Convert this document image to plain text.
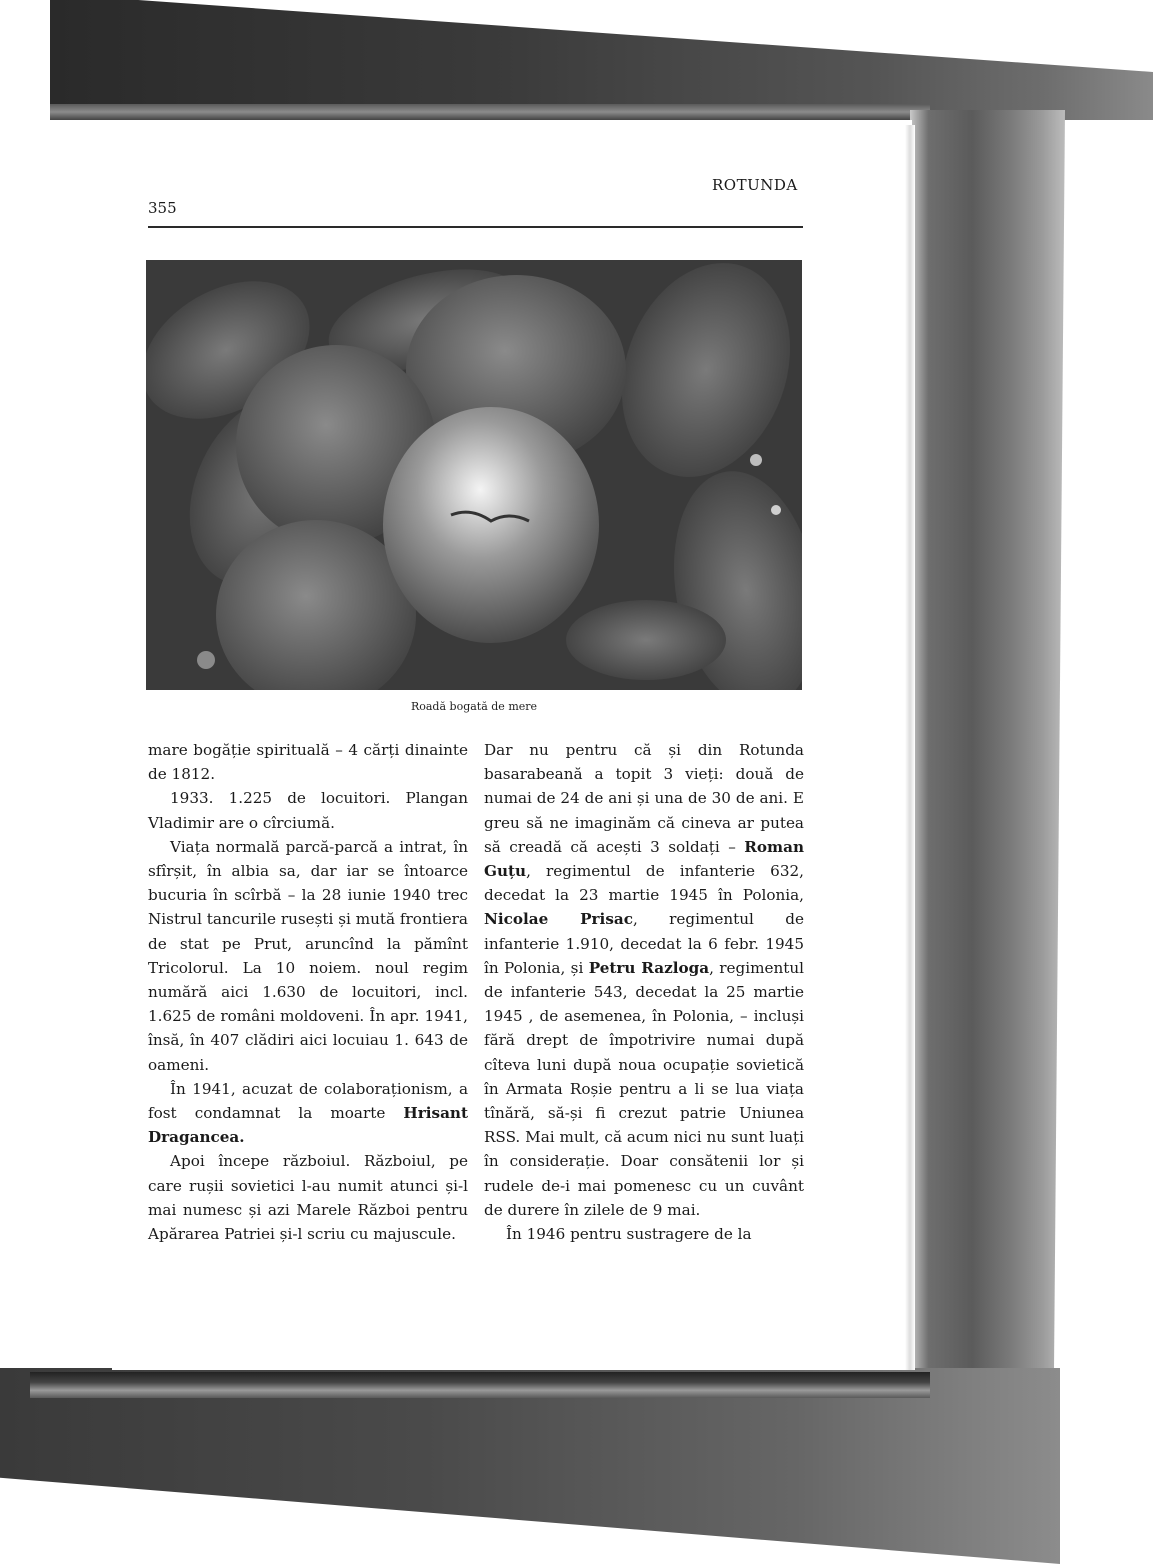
ROTUNDA
355
Roadă bogată de mere

mare bogăție spirituală – 4 cărți dinainte de 1812.

1933. 1.225 de locuitori. Plangan Vladimir are o cîrciumă.

Viața normală parcă-parcă a intrat, în sfîrșit, în albia sa, dar iar se întoarce bucuria în scîrbă – la 28 iunie 1940 trec Nistrul tancurile rusești și mută frontiera de stat pe Prut, aruncînd la pămînt Tricolorul. La 10 noiem. noul regim numără aici 1.630 de locuitori, incl. 1.625 de români moldoveni. În apr. 1941, însă, în 407 clădiri aici locuiau 1. 643 de oameni.

În 1941, acuzat de colaboraționism, a fost condamnat la moarte Hrisant Dragancea.

Apoi începe războiul. Războiul, pe care rușii sovietici l-au numit atunci și-l mai numesc și azi Marele Război pentru Apărarea Patriei și-l scriu cu majuscule.

Dar nu pentru că și din Rotunda basarabeană a topit 3 vieți: două de numai de 24 de ani și una de 30 de ani. E greu să ne imaginăm că cineva ar putea să creadă că acești 3 soldați – Roman Guțu, regimentul de infanterie 632, decedat la 23 martie 1945 în Polonia, Nicolae Prisac, regimentul de infanterie 1.910, decedat la 6 febr. 1945 în Polonia, și Petru Razloga, regimentul de infanterie 543, decedat la 25 martie 1945 , de asemenea, în Polonia, – incluși fără drept de împotrivire numai după cîteva luni după noua ocupație sovietică în Armata Roșie pentru a li se lua viața tînără, să-și fi crezut patrie Uniunea RSS. Mai mult, că acum nici nu sunt luați în considerație. Doar consătenii lor și rudele de-i mai pomenesc cu un cuvânt de durere în zilele de 9 mai.

În 1946 pentru sustragere de la
